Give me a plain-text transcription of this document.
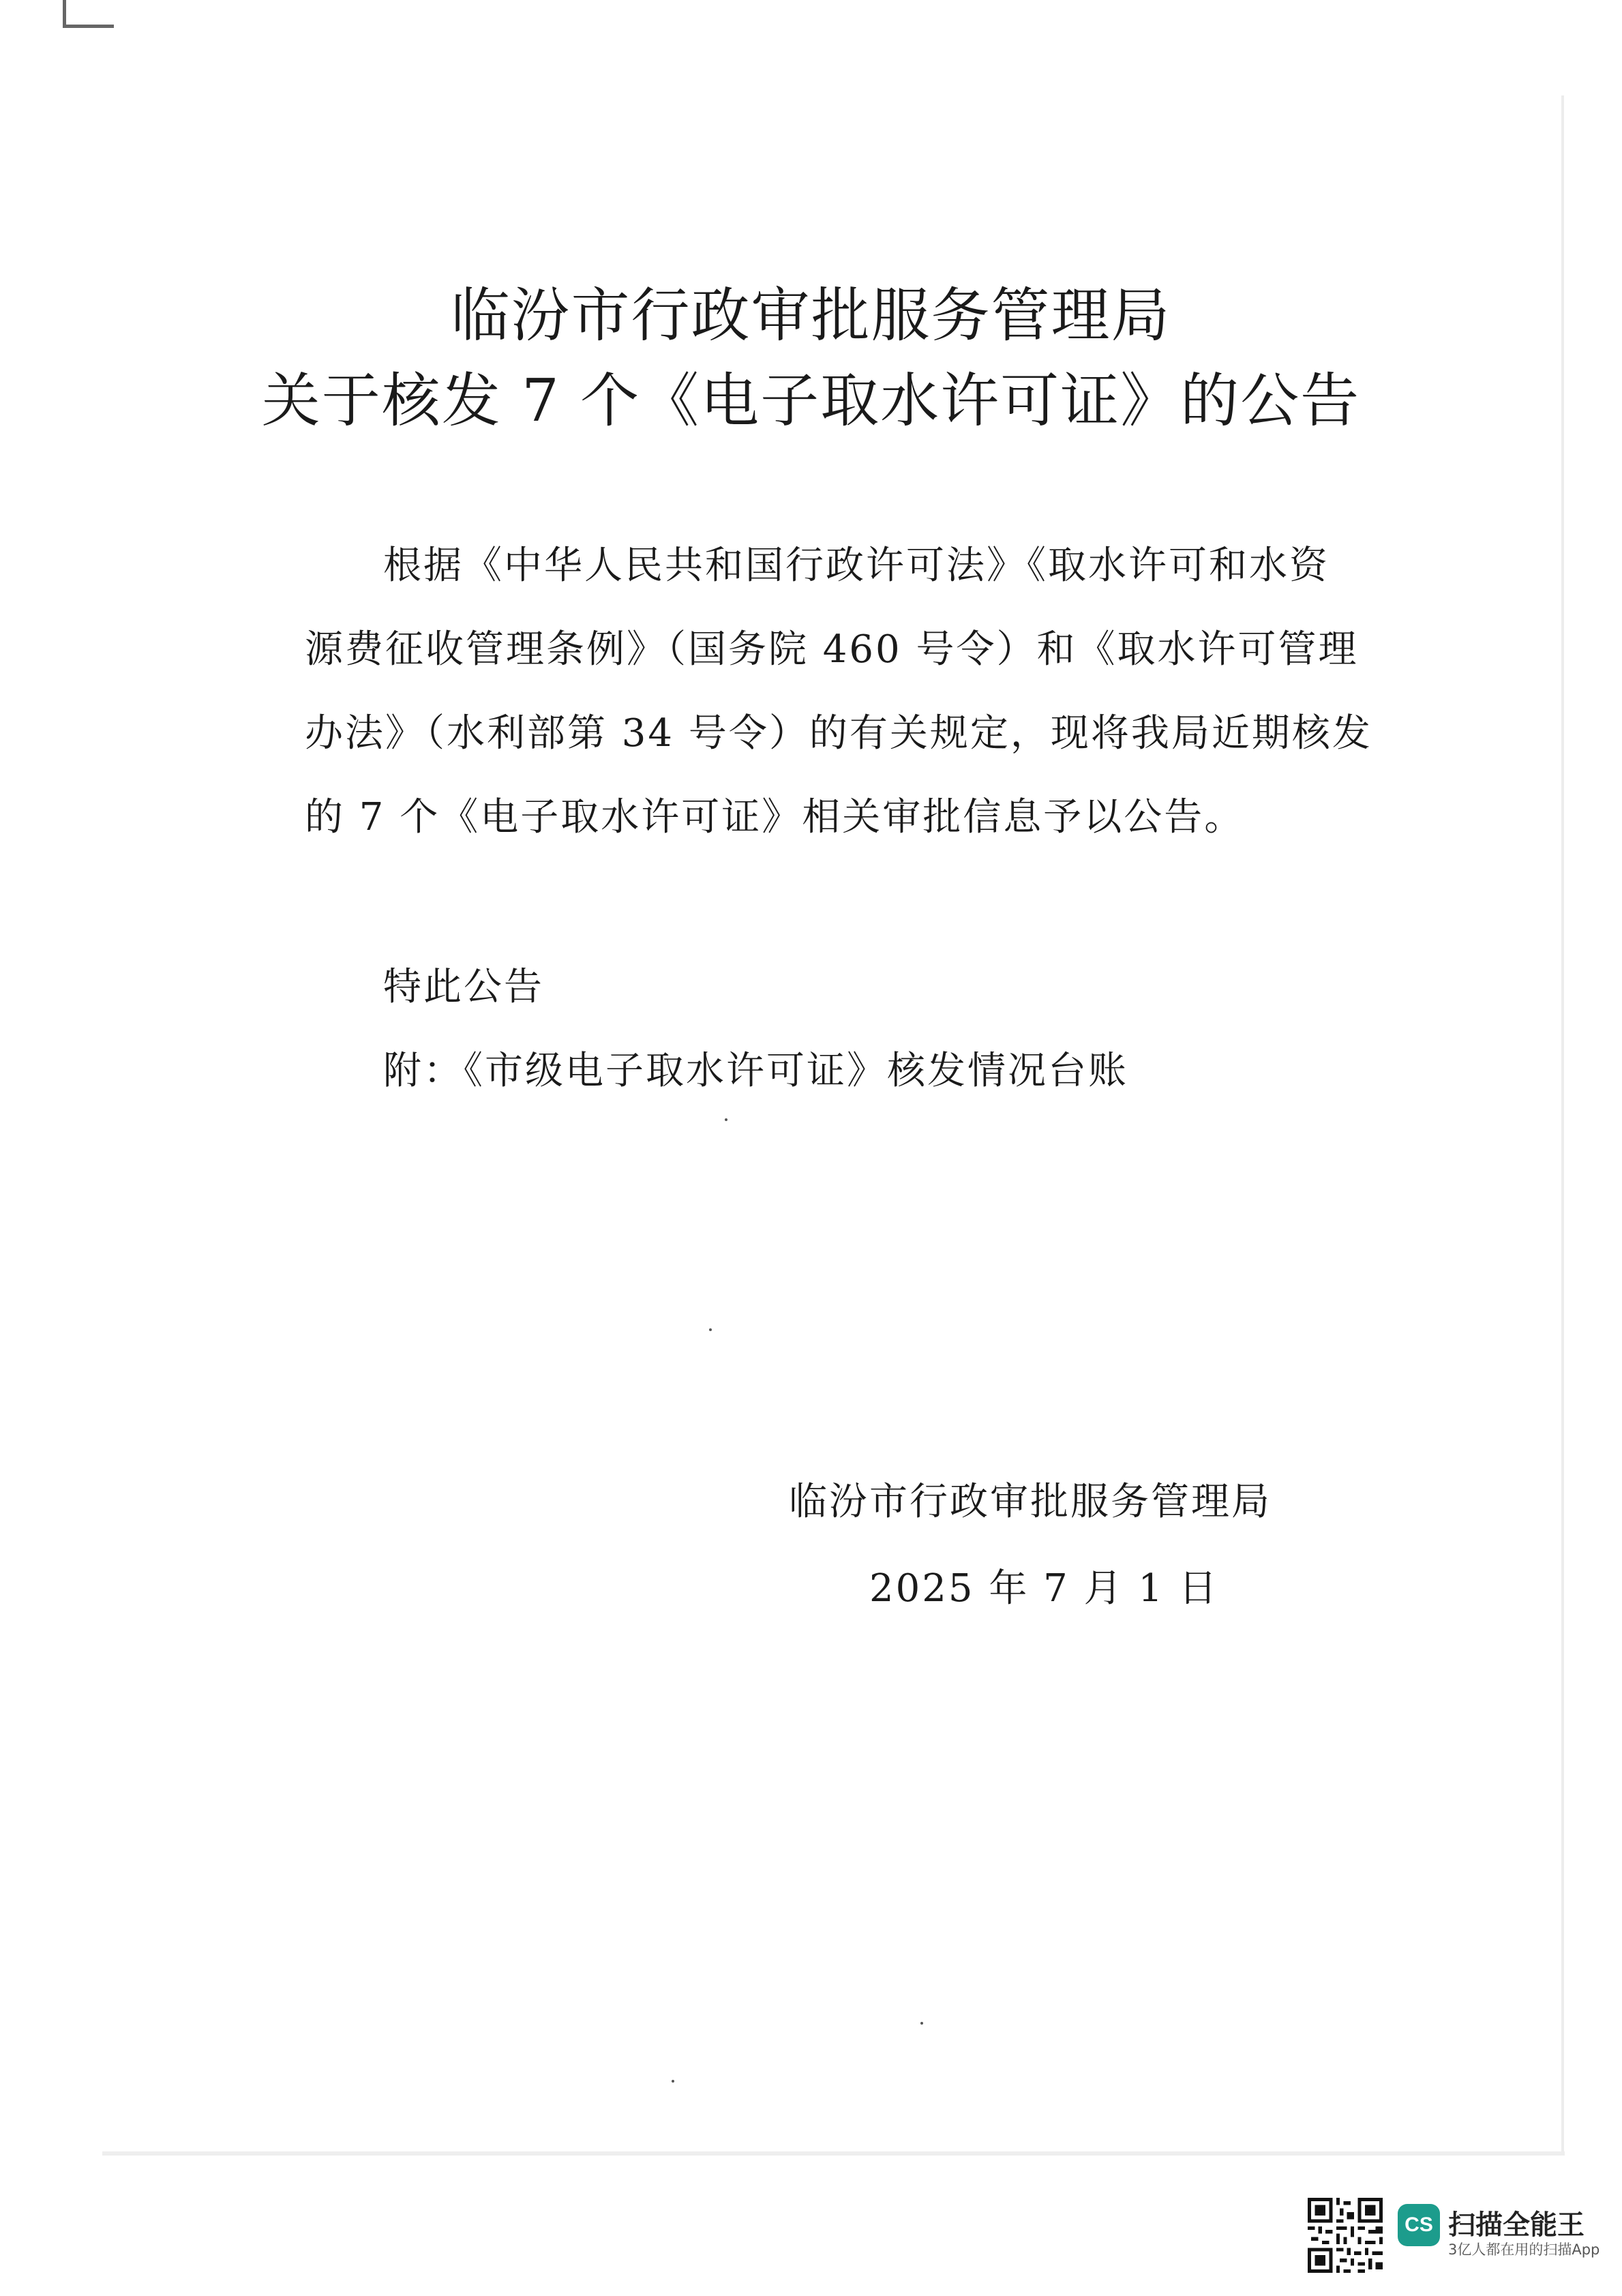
临汾市行政审批服务管理局
关于核发 7 个《电子取水许可证》的公告
根据《中华人民共和国行政许可法》《取水许可和水资
源费征收管理条例》（国务院 460 号令）和《取水许可管理
办法》（水利部第 34 号令）的有关规定，现将我局近期核发
的 7 个《电子取水许可证》相关审批信息予以公告。
特此公告
附：《市级电子取水许可证》核发情况台账
临汾市行政审批服务管理局
2025 年 7 月 1 日
CS 扫描全能王
3亿人都在用的扫描App
